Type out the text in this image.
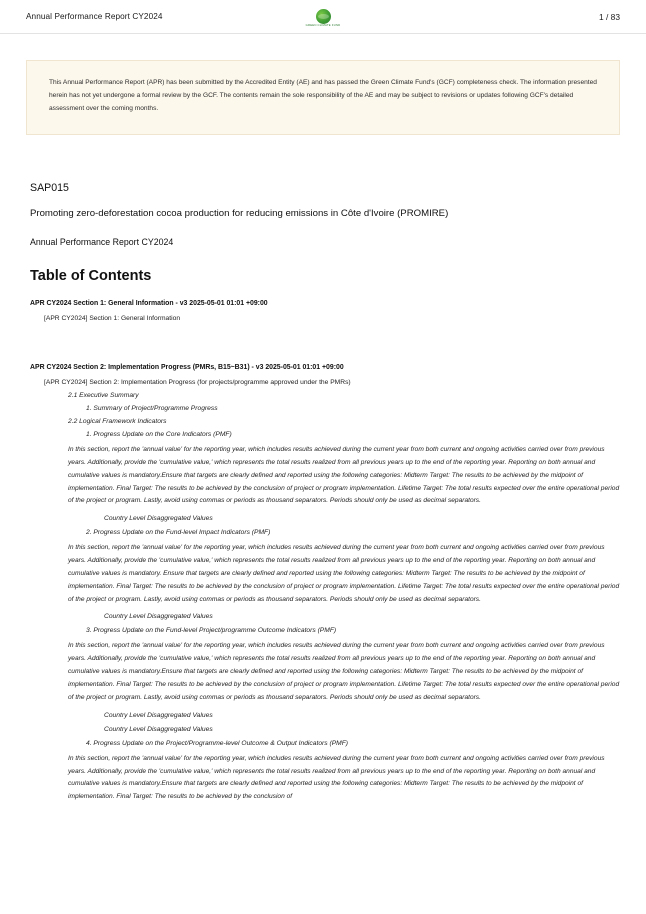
Annual Performance Report CY2024
GREEN CLIMATE FUND
1 / 83

This Annual Performance Report (APR) has been submitted by the Accredited Entity (AE) and has passed the Green Climate Fund's (GCF) completeness check. The information presented herein has not yet undergone a formal review by the GCF. The contents remain the sole responsibility of the AE and may be subject to revisions or updates following GCF's detailed assessment over the coming months.

SAP015
Promoting zero-deforestation cocoa production for reducing emissions in Côte d'Ivoire (PROMIRE)
Annual Performance Report CY2024
Table of Contents
APR CY2024 Section 1: General Information - v3 2025-05-01 01:01 +09:00
[APR CY2024] Section 1: General Information
APR CY2024 Section 2: Implementation Progress (PMRs, B15~B31) - v3 2025-05-01 01:01 +09:00
[APR CY2024] Section 2: Implementation Progress (for projects/programme approved under the PMRs)
2.1 Executive Summary
1. Summary of Project/Programme Progress
2.2 Logical Framework Indicators
1. Progress Update on the Core Indicators (PMF)
In this section, report the 'annual value' for the reporting year, which includes results achieved during the current year from both current and ongoing activities carried over from previous years. Additionally, provide the 'cumulative value,' which represents the total results realized from all previous years up to the end of the reporting year. Reporting on both annual and cumulative values is mandatory.Ensure that targets are clearly defined and reported using the following categories: Midterm Target: The results to be achieved by the midpoint of implementation. Final Target: The results to be achieved by the conclusion of project or program implementation. Lifetime Target: The total results expected over the entire operational period of the project or program. Lastly, avoid using commas or periods as thousand separators. Periods should only be used as decimal separators.
Country Level Disaggregated Values
2. Progress Update on the Fund-level Impact Indicators (PMF)
In this section, report the 'annual value' for the reporting year, which includes results achieved during the current year from both current and ongoing activities carried over from previous years. Additionally, provide the 'cumulative value,' which represents the total results realized from all previous years up to the end of the reporting year. Reporting on both annual and cumulative values is mandatory. Ensure that targets are clearly defined and reported using the following categories: Midterm Target: The results to be achieved by the midpoint of implementation. Final Target: The results to be achieved by the conclusion of project or program implementation. Lifetime Target: The total results expected over the entire operational period of the project or program. Lastly, avoid using commas or periods as thousand separators. Periods should only be used as decimal separators.
Country Level Disaggregated Values
3. Progress Update on the Fund-level Project/programme Outcome Indicators (PMF)
In this section, report the 'annual value' for the reporting year, which includes results achieved during the current year from both current and ongoing activities carried over from previous years. Additionally, provide the 'cumulative value,' which represents the total results realized from all previous years up to the end of the reporting year. Reporting on both annual and cumulative values is mandatory.Ensure that targets are clearly defined and reported using the following categories: Midterm Target: The results to be achieved by the midpoint of implementation. Final Target: The results to be achieved by the conclusion of project or program implementation. Lifetime Target: The total results expected over the entire operational period of the project or program. Lastly, avoid using commas or periods as thousand separators. Periods should only be used as decimal separators.
Country Level Disaggregated Values
Country Level Disaggregated Values
4. Progress Update on the Project/Programme-level Outcome & Output Indicators (PMF)
In this section, report the 'annual value' for the reporting year, which includes results achieved during the current year from both current and ongoing activities carried over from previous years. Additionally, provide the 'cumulative value,' which represents the total results realized from all previous years up to the end of the reporting year. Reporting on both annual and cumulative values is mandatory.Ensure that targets are clearly defined and reported using the following categories: Midterm Target: The results to be achieved by the midpoint of implementation. Final Target: The results to be achieved by the conclusion of
